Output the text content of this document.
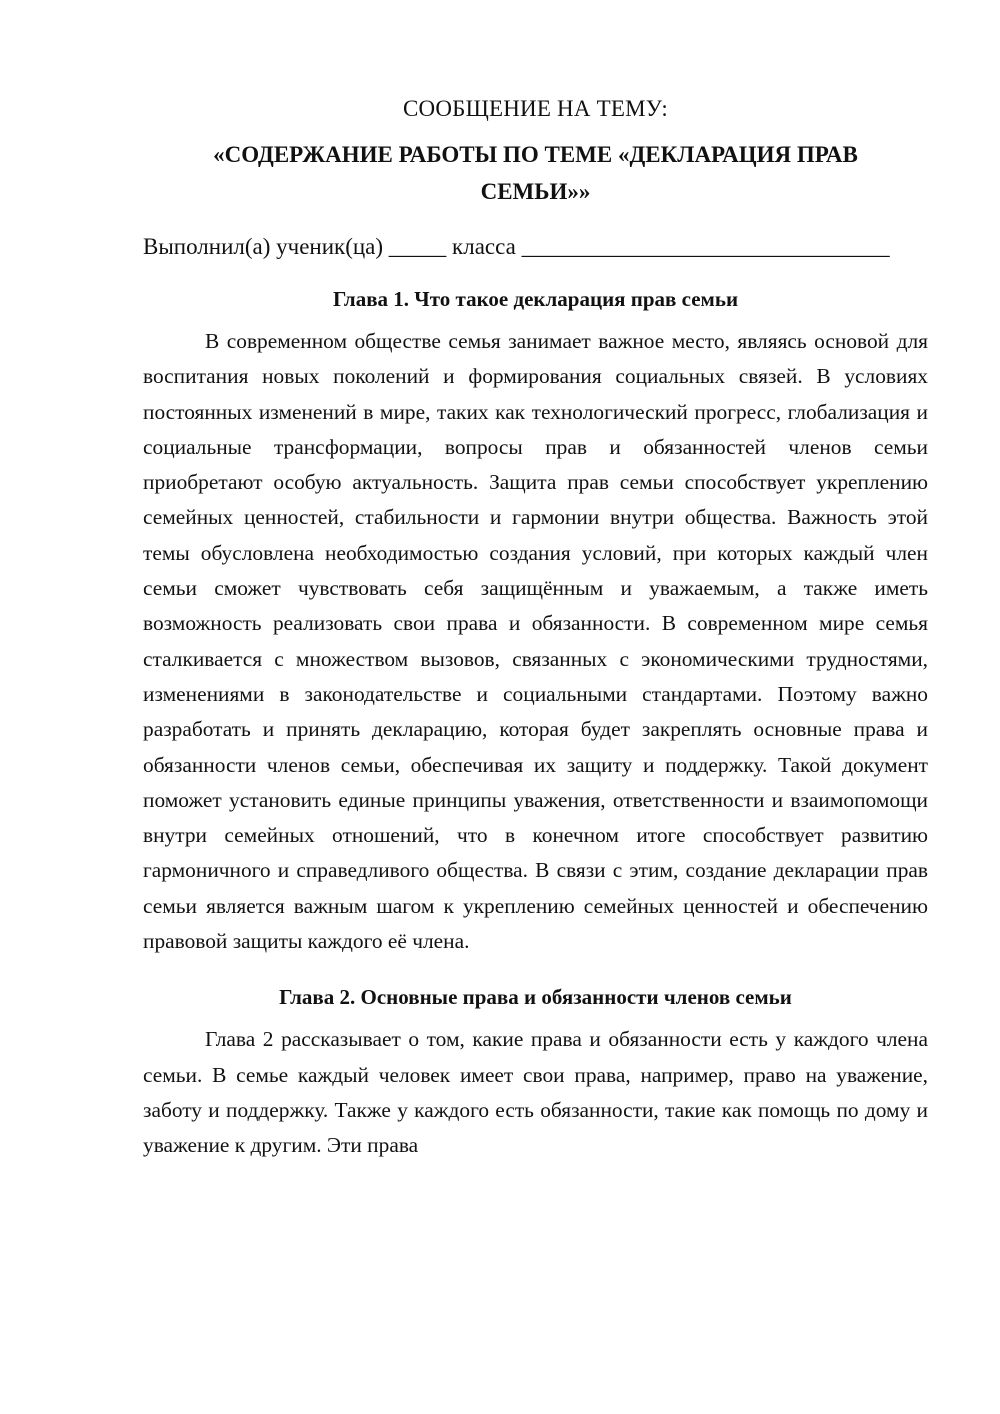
СООБЩЕНИЕ НА ТЕМУ:

«СОДЕРЖАНИЕ РАБОТЫ ПО ТЕМЕ «ДЕКЛАРАЦИЯ ПРАВ СЕМЬИ»»

Выполнил(а) ученик(ца) _____ класса ________________________________

Глава 1. Что такое декларация прав семьи

В современном обществе семья занимает важное место, являясь основой для воспитания новых поколений и формирования социальных связей. В условиях постоянных изменений в мире, таких как технологический прогресс, глобализация и социальные трансформации, вопросы прав и обязанностей членов семьи приобретают особую актуальность. Защита прав семьи способствует укреплению семейных ценностей, стабильности и гармонии внутри общества. Важность этой темы обусловлена необходимостью создания условий, при которых каждый член семьи сможет чувствовать себя защищённым и уважаемым, а также иметь возможность реализовать свои права и обязанности. В современном мире семья сталкивается с множеством вызовов, связанных с экономическими трудностями, изменениями в законодательстве и социальными стандартами. Поэтому важно разработать и принять декларацию, которая будет закреплять основные права и обязанности членов семьи, обеспечивая их защиту и поддержку. Такой документ поможет установить единые принципы уважения, ответственности и взаимопомощи внутри семейных отношений, что в конечном итоге способствует развитию гармоничного и справедливого общества. В связи с этим, создание декларации прав семьи является важным шагом к укреплению семейных ценностей и обеспечению правовой защиты каждого её члена.

Глава 2. Основные права и обязанности членов семьи

Глава 2 рассказывает о том, какие права и обязанности есть у каждого члена семьи. В семье каждый человек имеет свои права, например, право на уважение, заботу и поддержку. Также у каждого есть обязанности, такие как помощь по дому и уважение к другим. Эти права
